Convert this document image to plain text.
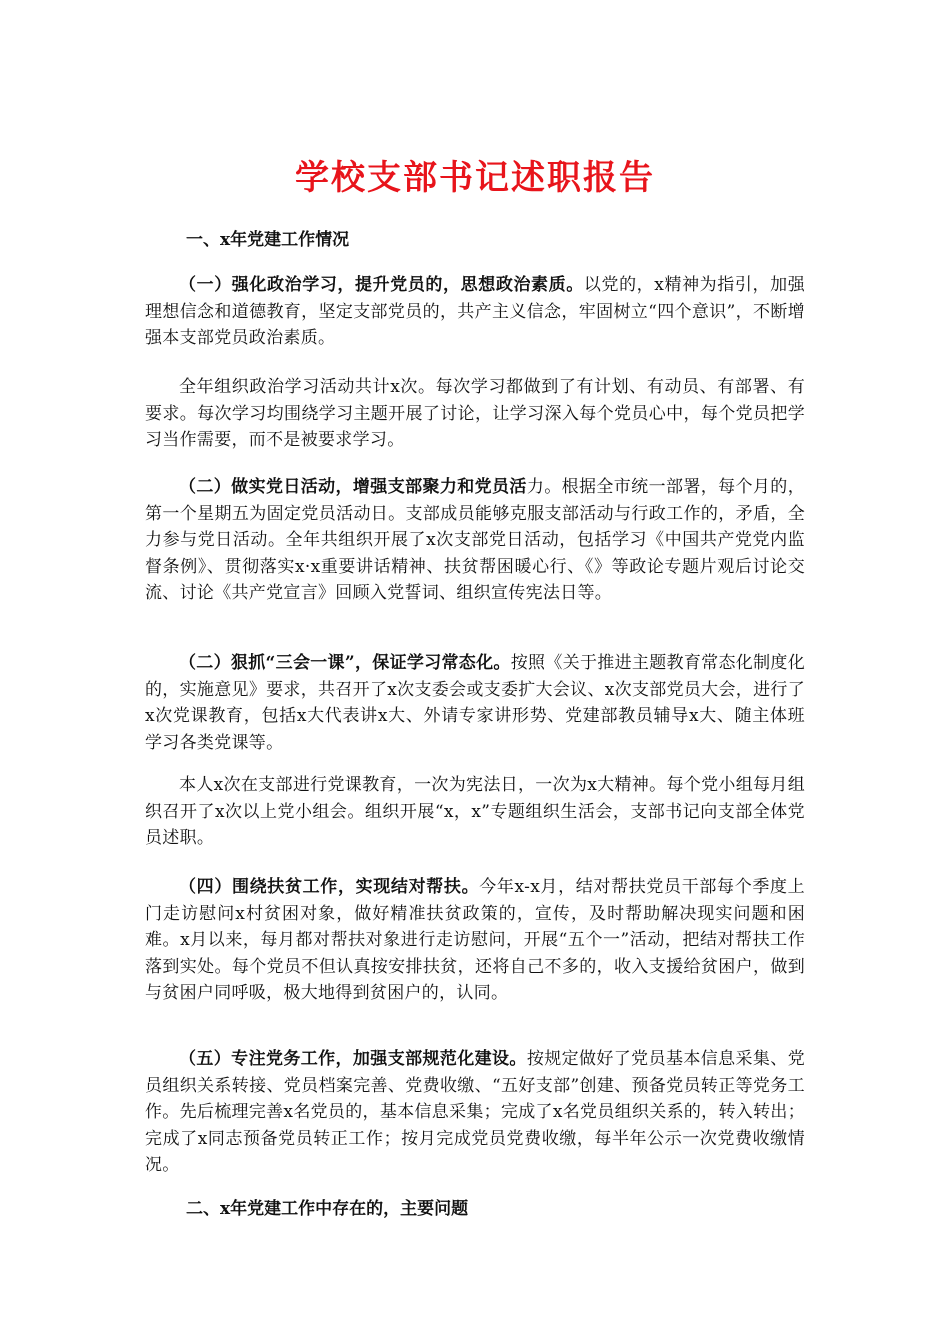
学校支部书记述职报告
一、x年党建工作情况
（一）强化政治学习，提升党员的，思想政治素质。以党的，x精神为指引，加强理想信念和道德教育，坚定支部党员的，共产主义信念，牢固树立“四个意识”，不断增强本支部党员政治素质。
全年组织政治学习活动共计x次。每次学习都做到了有计划、有动员、有部署、有要求。每次学习均围绕学习主题开展了讨论，让学习深入每个党员心中，每个党员把学习当作需要，而不是被要求学习。
（二）做实党日活动，增强支部聚力和党员活力。根据全市统一部署，每个月的，第一个星期五为固定党员活动日。支部成员能够克服支部活动与行政工作的，矛盾，全力参与党日活动。全年共组织开展了x次支部党日活动，包括学习《中国共产党党内监督条例》、贯彻落实x·x重要讲话精神、扶贫帮困暖心行、《》等政论专题片观后讨论交流、讨论《共产党宣言》回顾入党誓词、组织宣传宪法日等。
（二）狠抓“三会一课”，保证学习常态化。按照《关于推进主题教育常态化制度化的，实施意见》要求，共召开了x次支委会或支委扩大会议、x次支部党员大会，进行了x次党课教育，包括x大代表讲x大、外请专家讲形势、党建部教员辅导x大、随主体班学习各类党课等。
本人x次在支部进行党课教育，一次为宪法日，一次为x大精神。每个党小组每月组织召开了x次以上党小组会。组织开展“x，x”专题组织生活会，支部书记向支部全体党员述职。
（四）围绕扶贫工作，实现结对帮扶。今年x-x月，结对帮扶党员干部每个季度上门走访慰问x村贫困对象，做好精准扶贫政策的，宣传，及时帮助解决现实问题和困难。x月以来，每月都对帮扶对象进行走访慰问，开展“五个一”活动，把结对帮扶工作落到实处。每个党员不但认真按安排扶贫，还将自己不多的，收入支援给贫困户，做到与贫困户同呼吸，极大地得到贫困户的，认同。
（五）专注党务工作，加强支部规范化建设。按规定做好了党员基本信息采集、党员组织关系转接、党员档案完善、党费收缴、“五好支部”创建、预备党员转正等党务工作。先后梳理完善x名党员的，基本信息采集；完成了x名党员组织关系的，转入转出；完成了x同志预备党员转正工作；按月完成党员党费收缴，每半年公示一次党费收缴情况。
二、x年党建工作中存在的，主要问题
